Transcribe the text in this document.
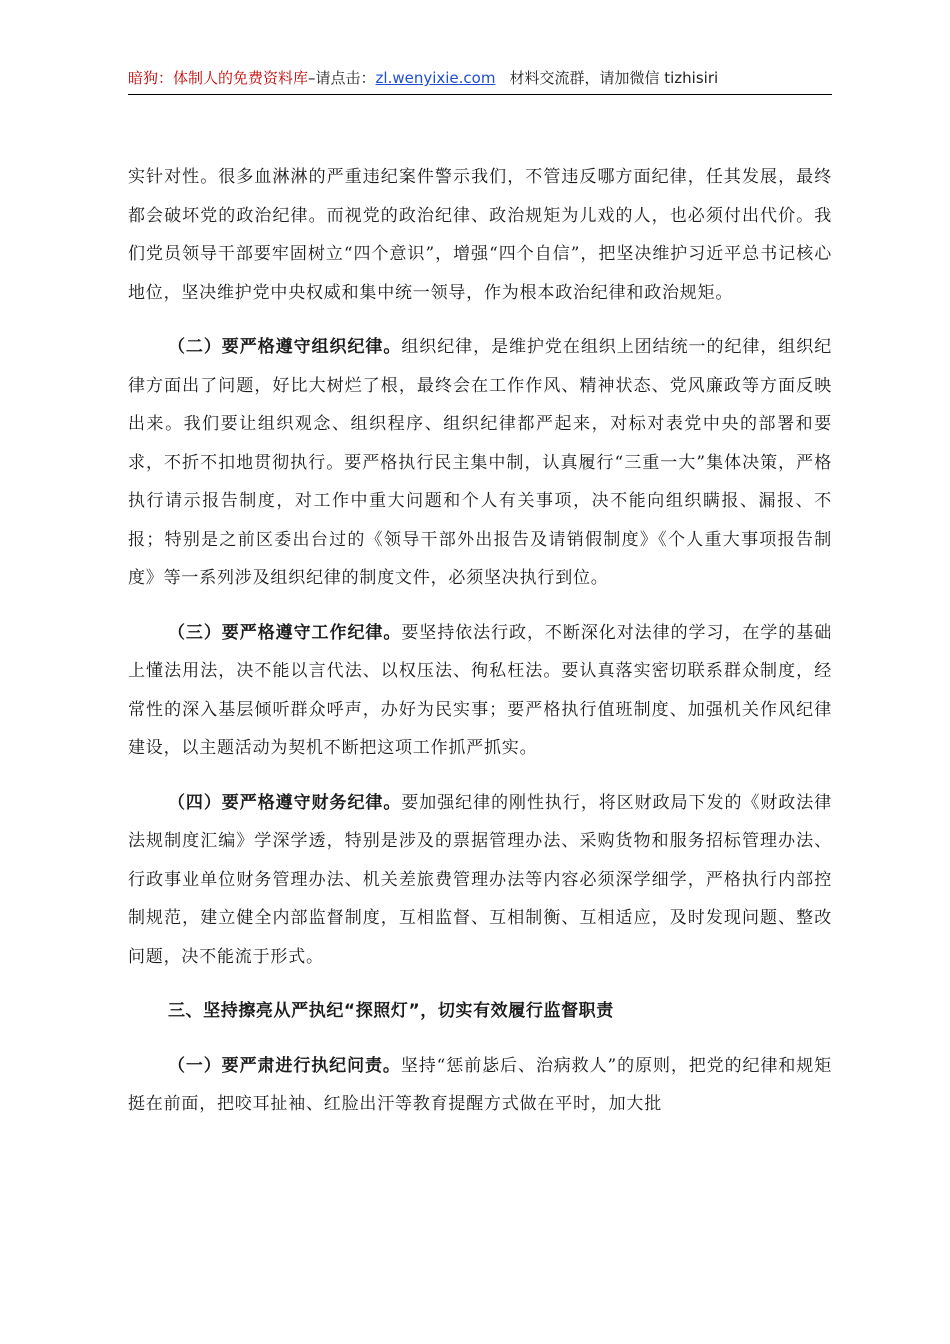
暗狗：体制人的免费资料库–请点击：zl.wenyixie.com 材料交流群，请加微信 tizhisiri

实针对性。很多血淋淋的严重违纪案件警示我们，不管违反哪方面纪律，任其发展，最终都会破坏党的政治纪律。而视党的政治纪律、政治规矩为儿戏的人，也必须付出代价。我们党员领导干部要牢固树立“四个意识”，增强“四个自信”，把坚决维护习近平总书记核心地位，坚决维护党中央权威和集中统一领导，作为根本政治纪律和政治规矩。

（二）要严格遵守组织纪律。组织纪律，是维护党在组织上团结统一的纪律，组织纪律方面出了问题，好比大树烂了根，最终会在工作作风、精神状态、党风廉政等方面反映出来。我们要让组织观念、组织程序、组织纪律都严起来，对标对表党中央的部署和要求，不折不扣地贯彻执行。要严格执行民主集中制，认真履行“三重一大”集体决策，严格执行请示报告制度，对工作中重大问题和个人有关事项，决不能向组织瞒报、漏报、不报；特别是之前区委出台过的《领导干部外出报告及请销假制度》《个人重大事项报告制度》等一系列涉及组织纪律的制度文件，必须坚决执行到位。

（三）要严格遵守工作纪律。要坚持依法行政，不断深化对法律的学习，在学的基础上懂法用法，决不能以言代法、以权压法、徇私枉法。要认真落实密切联系群众制度，经常性的深入基层倾听群众呼声，办好为民实事；要严格执行值班制度、加强机关作风纪律建设，以主题活动为契机不断把这项工作抓严抓实。

（四）要严格遵守财务纪律。要加强纪律的刚性执行，将区财政局下发的《财政法律法规制度汇编》学深学透，特别是涉及的票据管理办法、采购货物和服务招标管理办法、行政事业单位财务管理办法、机关差旅费管理办法等内容必须深学细学，严格执行内部控制规范，建立健全内部监督制度，互相监督、互相制衡、互相适应，及时发现问题、整改问题，决不能流于形式。

三、坚持擦亮从严执纪“探照灯”，切实有效履行监督职责

（一）要严肃进行执纪问责。坚持“惩前毖后、治病救人”的原则，把党的纪律和规矩挺在前面，把咬耳扯袖、红脸出汗等教育提醒方式做在平时，加大批
